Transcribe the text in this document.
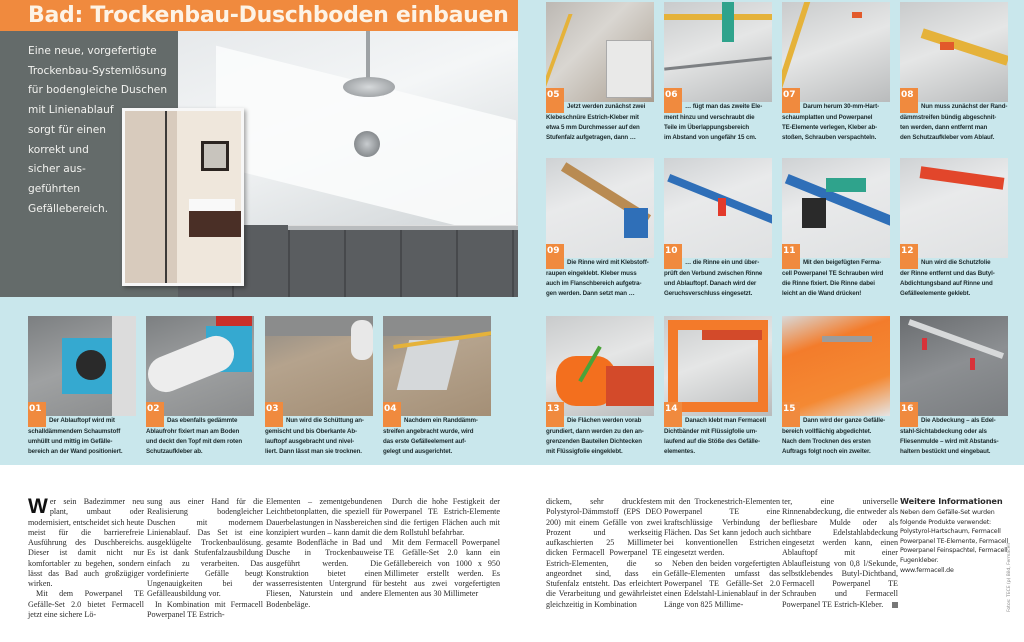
Bad: Trockenbau-Duschboden einbauen
Eine neue, vorgefertigte
Trockenbau-Systemlösung
für bodengleiche Duschen
mit Linienablauf
sorgt für einen
korrekt und
sicher aus-
geführten
Gefällebereich.
05
Jetzt werden zunächst zwei
Klebeschnüre Estrich-Kleber mit
etwa 5 mm Durchmesser auf den
Stufenfalz aufgetragen, dann …
06
… fügt man das zweite Ele-
ment hinzu und verschraubt die
Teile im Überlappungsbereich
im Abstand von ungefähr 15 cm.
07
Darum herum 30-mm-Hart-
schaumplatten und Powerpanel
TE-Elemente verlegen, Kleber ab-
stoßen, Schrauben verspachteln.
08
Nun muss zunächst der Rand-
dämmstreifen bündig abgeschnit-
ten werden, dann entfernt man
den Schutzaufkleber vom Ablauf.
09
Die Rinne wird mit Klebstoff-
raupen eingeklebt. Kleber muss
auch im Flanschbereich aufgetra-
gen werden. Dann setzt man …
10
… die Rinne ein und über-
prüft den Verbund zwischen Rinne
und Ablauftopf. Danach wird der
Geruchsverschluss eingesetzt.
11
Mit den beigefügten Ferma-
cell Powerpanel TE Schrauben wird
die Rinne fixiert. Die Rinne dabei
leicht an die Wand drücken!
12
Nun wird die Schutzfolie
der Rinne entfernt und das Butyl-
Abdichtungsband auf Rinne und
Gefälleelemente geklebt.
01
Der Ablauftopf wird mit
schalldämmendem Schaumstoff
umhüllt und mittig im Gefälle-
bereich an der Wand positioniert.
02
Das ebenfalls gedämmte
Ablaufrohr fixiert man am Boden
und deckt den Topf mit dem roten
Schutzaufkleber ab.
03
Nun wird die Schüttung an-
gemischt und bis Oberkante Ab-
lauftopf ausgebracht und nivel-
liert. Dann lässt man sie trocknen.
04
Nachdem ein Randdämm-
streifen angebracht wurde, wird
das erste Gefälleelement auf-
gelegt und ausgerichtet.
13
Die Flächen werden vorab
grundiert, dann werden zu den an-
grenzenden Bauteilen Dichtecken
mit Flüssigfolie eingeklebt.
14
Danach klebt man Fermacell
Dichtbänder mit Flüssigfolie um-
laufend auf die Stöße des Gefälle-
elementes.
15
Dann wird der ganze Gefälle-
bereich vollflächig abgedichtet.
Nach dem Trocknen des ersten
Auftrags folgt noch ein zweiter.
16
Die Abdeckung – als Edel-
stahl-Sichtabdeckung oder als
Fliesenmulde – wird mit Abstands-
haltern bestückt und eingebaut.

Wer sein Badezimmer neu plant, umbaut oder modernisiert, entscheidet sich heute meist für die barrierefreie Ausführung des Duschbereichs. Dieser ist damit nicht nur komfortabler zu begehen, sondern lässt das Bad auch großzügiger wirken.

Mit dem Powerpanel TE Gefälle-Set 2.0 bietet Fermacell jetzt eine sichere Lö-

sung aus einer Hand für die Realisierung bodengleicher Duschen mit modernem Linienablauf. Das Set ist eine ausgeklügelte Trockenbaulösung. Es ist dank Stufenfalzausbildung einfach zu verarbeiten. Das vordefinierte Gefälle beugt Ungenauigkeiten bei der Gefälleausbildung vor.

In Kombination mit Fermacell Powerpanel TE Estrich-

Elementen – zementgebundenen Leichtbetonplatten, die speziell für Dauerbelastungen in Nassbereichen konzipiert wurden – kann damit die gesamte Bodenfläche in Bad und Dusche in Trockenbauweise ausgeführt werden. Die Konstruktion bietet einen wasserresistenten Untergrund für Fliesen, Naturstein und andere Bodenbeläge.

Durch die hohe Festigkeit der Powerpanel TE Estrich-Elemente sind die fertigen Flächen auch mit dem Rollstuhl befahrbar.

Mit dem Fermacell Powerpanel TE Gefälle-Set 2.0 kann ein Gefällebereich von 1000 x 950 Millimeter erstellt werden. Es besteht aus zwei vorgefertigten Elementen aus 30 Millimeter

dickem, sehr druckfestem Polystyrol-Dämmstoff (EPS DEO 200) mit einem Gefälle von zwei Prozent und werkseitig aufkaschierten 25 Millimeter dicken Fermacell Powerpanel TE Estrich-Elementen, die so angeordnet sind, dass ein Stufenfalz entsteht. Das erleichtert die Verarbeitung und gewährleistet gleichzeitig in Kombination

mit den Trockenestrich-Elementen Powerpanel TE eine kraftschlüssige Verbindung der Flächen. Das Set kann jedoch auch bei konventionellen Estrichen eingesetzt werden.

Neben den beiden vorgefertigten Gefälle-Elementen umfasst das Powerpanel TE Gefälle-Set 2.0 einen Edelstahl-Linienablauf in der Länge von 825 Millime-

ter, eine universelle Rinnenabdeckung, die entweder als befliesbare Mulde oder als sichtbare Edelstahlabdeckung eingesetzt werden kann, einen Ablauftopf mit einer Ablaufleistung von 0,8 l/Sekunde, selbstklebendes Butyl-Dichtband, Fermacell Powerpanel TE Schrauben und Fermacell Powerpanel TE Estrich-Kleber.

Weitere Informationen

Neben dem Gefälle-Set wurden folgende Produkte verwendet: Polystyrol-Hartschaum, Fermacell Powerpanel TE-Elemente, Fermacell Powerpanel Feinspachtel, Fermacell Fugenkleber.

www.fermacell.de	Fotos: TECE (p) Bild, Fermacell
